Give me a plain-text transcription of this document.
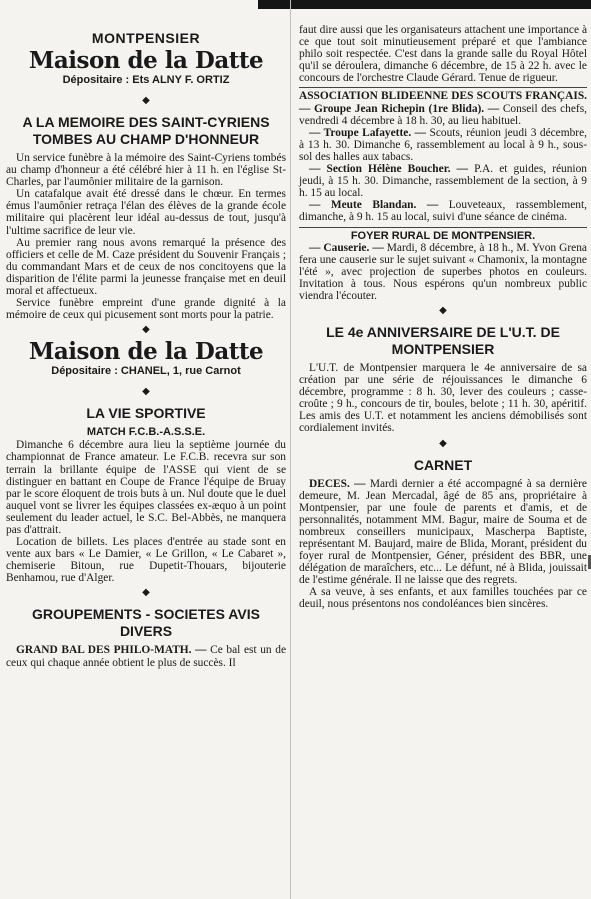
MONTPENSIER
Maison de la Datte
Dépositaire : Ets ALNY F. ORTIZ
◆
A LA MEMOIRE DES SAINT-CYRIENS TOMBES AU CHAMP D'HONNEUR

Un service funèbre à la mémoire des Saint-Cyriens tombés au champ d'honneur a été célébré hier à 11 h. en l'église St-Charles, par l'aumônier militaire de la garnison.

Un catafalque avait été dressé dans le chœur. En termes émus l'aumônier retraça l'élan des élèves de la grande école militaire qui placèrent leur idéal au-dessus de tout, jusqu'à l'ultime sacrifice de leur vie.

Au premier rang nous avons remarqué la présence des officiers et celle de M. Caze président du Souvenir Français ; du commandant Mars et de ceux de nos concitoyens que la disparition de l'élite parmi la jeunesse française met en deuil moral et affectueux.

Service funèbre empreint d'une grande dignité à la mémoire de ceux qui picusement sont morts pour la patrie.

◆
Maison de la Datte
Dépositaire : CHANEL, 1, rue Carnot
◆
LA VIE SPORTIVE
MATCH F.C.B.-A.S.S.E.

Dimanche 6 décembre aura lieu la septième journée du championnat de France amateur. Le F.C.B. recevra sur son terrain la brillante équipe de l'ASSE qui vient de se distinguer en battant en Coupe de France l'équipe de Bruay par le score éloquent de trois buts à un. Nul doute que le duel auquel vont se livrer les équipes classées ex-æquo à un point seulement du leader actuel, le S.C. Bel-Abbès, ne manquera pas d'attrait.

Location de billets. Les places d'entrée au stade sont en vente aux bars « Le Damier, « Le Grillon, « Le Cabaret », chemiserie Bitoun, rue Dupetit-Thouars, bijouterie Benhamou, rue d'Alger.

◆
GROUPEMENTS - SOCIETES AVIS DIVERS

GRAND BAL DES PHILO-MATH. — Ce bal est un de ceux qui chaque année obtient le plus de succès. Il

faut dire aussi que les organisateurs attachent une importance à ce que tout soit minutieusement préparé et que l'ambiance philo soit respectée. C'est dans la grande salle du Royal Hôtel qu'il se déroulera, dimanche 6 décembre, de 15 à 22 h. avec le concours de l'orchestre Claude Gérard. Tenue de rigueur.

ASSOCIATION BLIDEENNE DES SCOUTS FRANÇAIS. — Groupe Jean Richepin (1re Blida). — Conseil des chefs, vendredi 4 décembre à 18 h. 30, au lieu habituel.

— Troupe Lafayette. — Scouts, réunion jeudi 3 décembre, à 13 h. 30. Dimanche 6, rassemblement au local à 9 h., sous-sol des halles aux tabacs.

— Section Hélène Boucher. — P.A. et guides, réunion jeudi, à 15 h. 30. Dimanche, rassemblement de la section, à 9 h. 15 au local.

— Meute Blandan. — Louveteaux, rassemblement, dimanche, à 9 h. 15 au local, suivi d'une séance de cinéma.

FOYER RURAL DE MONTPENSIER.

— Causerie. — Mardi, 8 décembre, à 18 h., M. Yvon Grena fera une causerie sur le sujet suivant « Chamonix, la montagne l'été », avec projection de superbes photos en couleurs. Invitation à tous. Nous espérons qu'un nombreux public viendra l'écouter.

◆
LE 4e ANNIVERSAIRE DE L'U.T. DE MONTPENSIER

L'U.T. de Montpensier marquera le 4e anniversaire de sa création par une série de réjouissances le dimanche 6 décembre, programme : 8 h. 30, lever des couleurs ; casse-croûte ; 9 h., concours de tir, boules, belote ; 11 h. 30, apéritif. Les amis des U.T. et notamment les anciens démobilisés sont cordialement invités.

◆
CARNET

DECES. — Mardi dernier a été accompagné à sa dernière demeure, M. Jean Mercadal, âgé de 85 ans, propriétaire à Montpensier, par une foule de parents et d'amis, et de personnalités, notamment MM. Bagur, maire de Souma et de nombreux conseillers municipaux, Mascherpa Baptiste, représentant M. Baujard, maire de Blida, Morant, président du foyer rural de Montpensier, Géner, président des BBR, une délégation de maraîchers, etc... Le défunt, né à Blida, jouissait de l'estime générale. Il ne laisse que des regrets.

A sa veuve, à ses enfants, et aux familles touchées par ce deuil, nous présentons nos condoléances bien sincères.
